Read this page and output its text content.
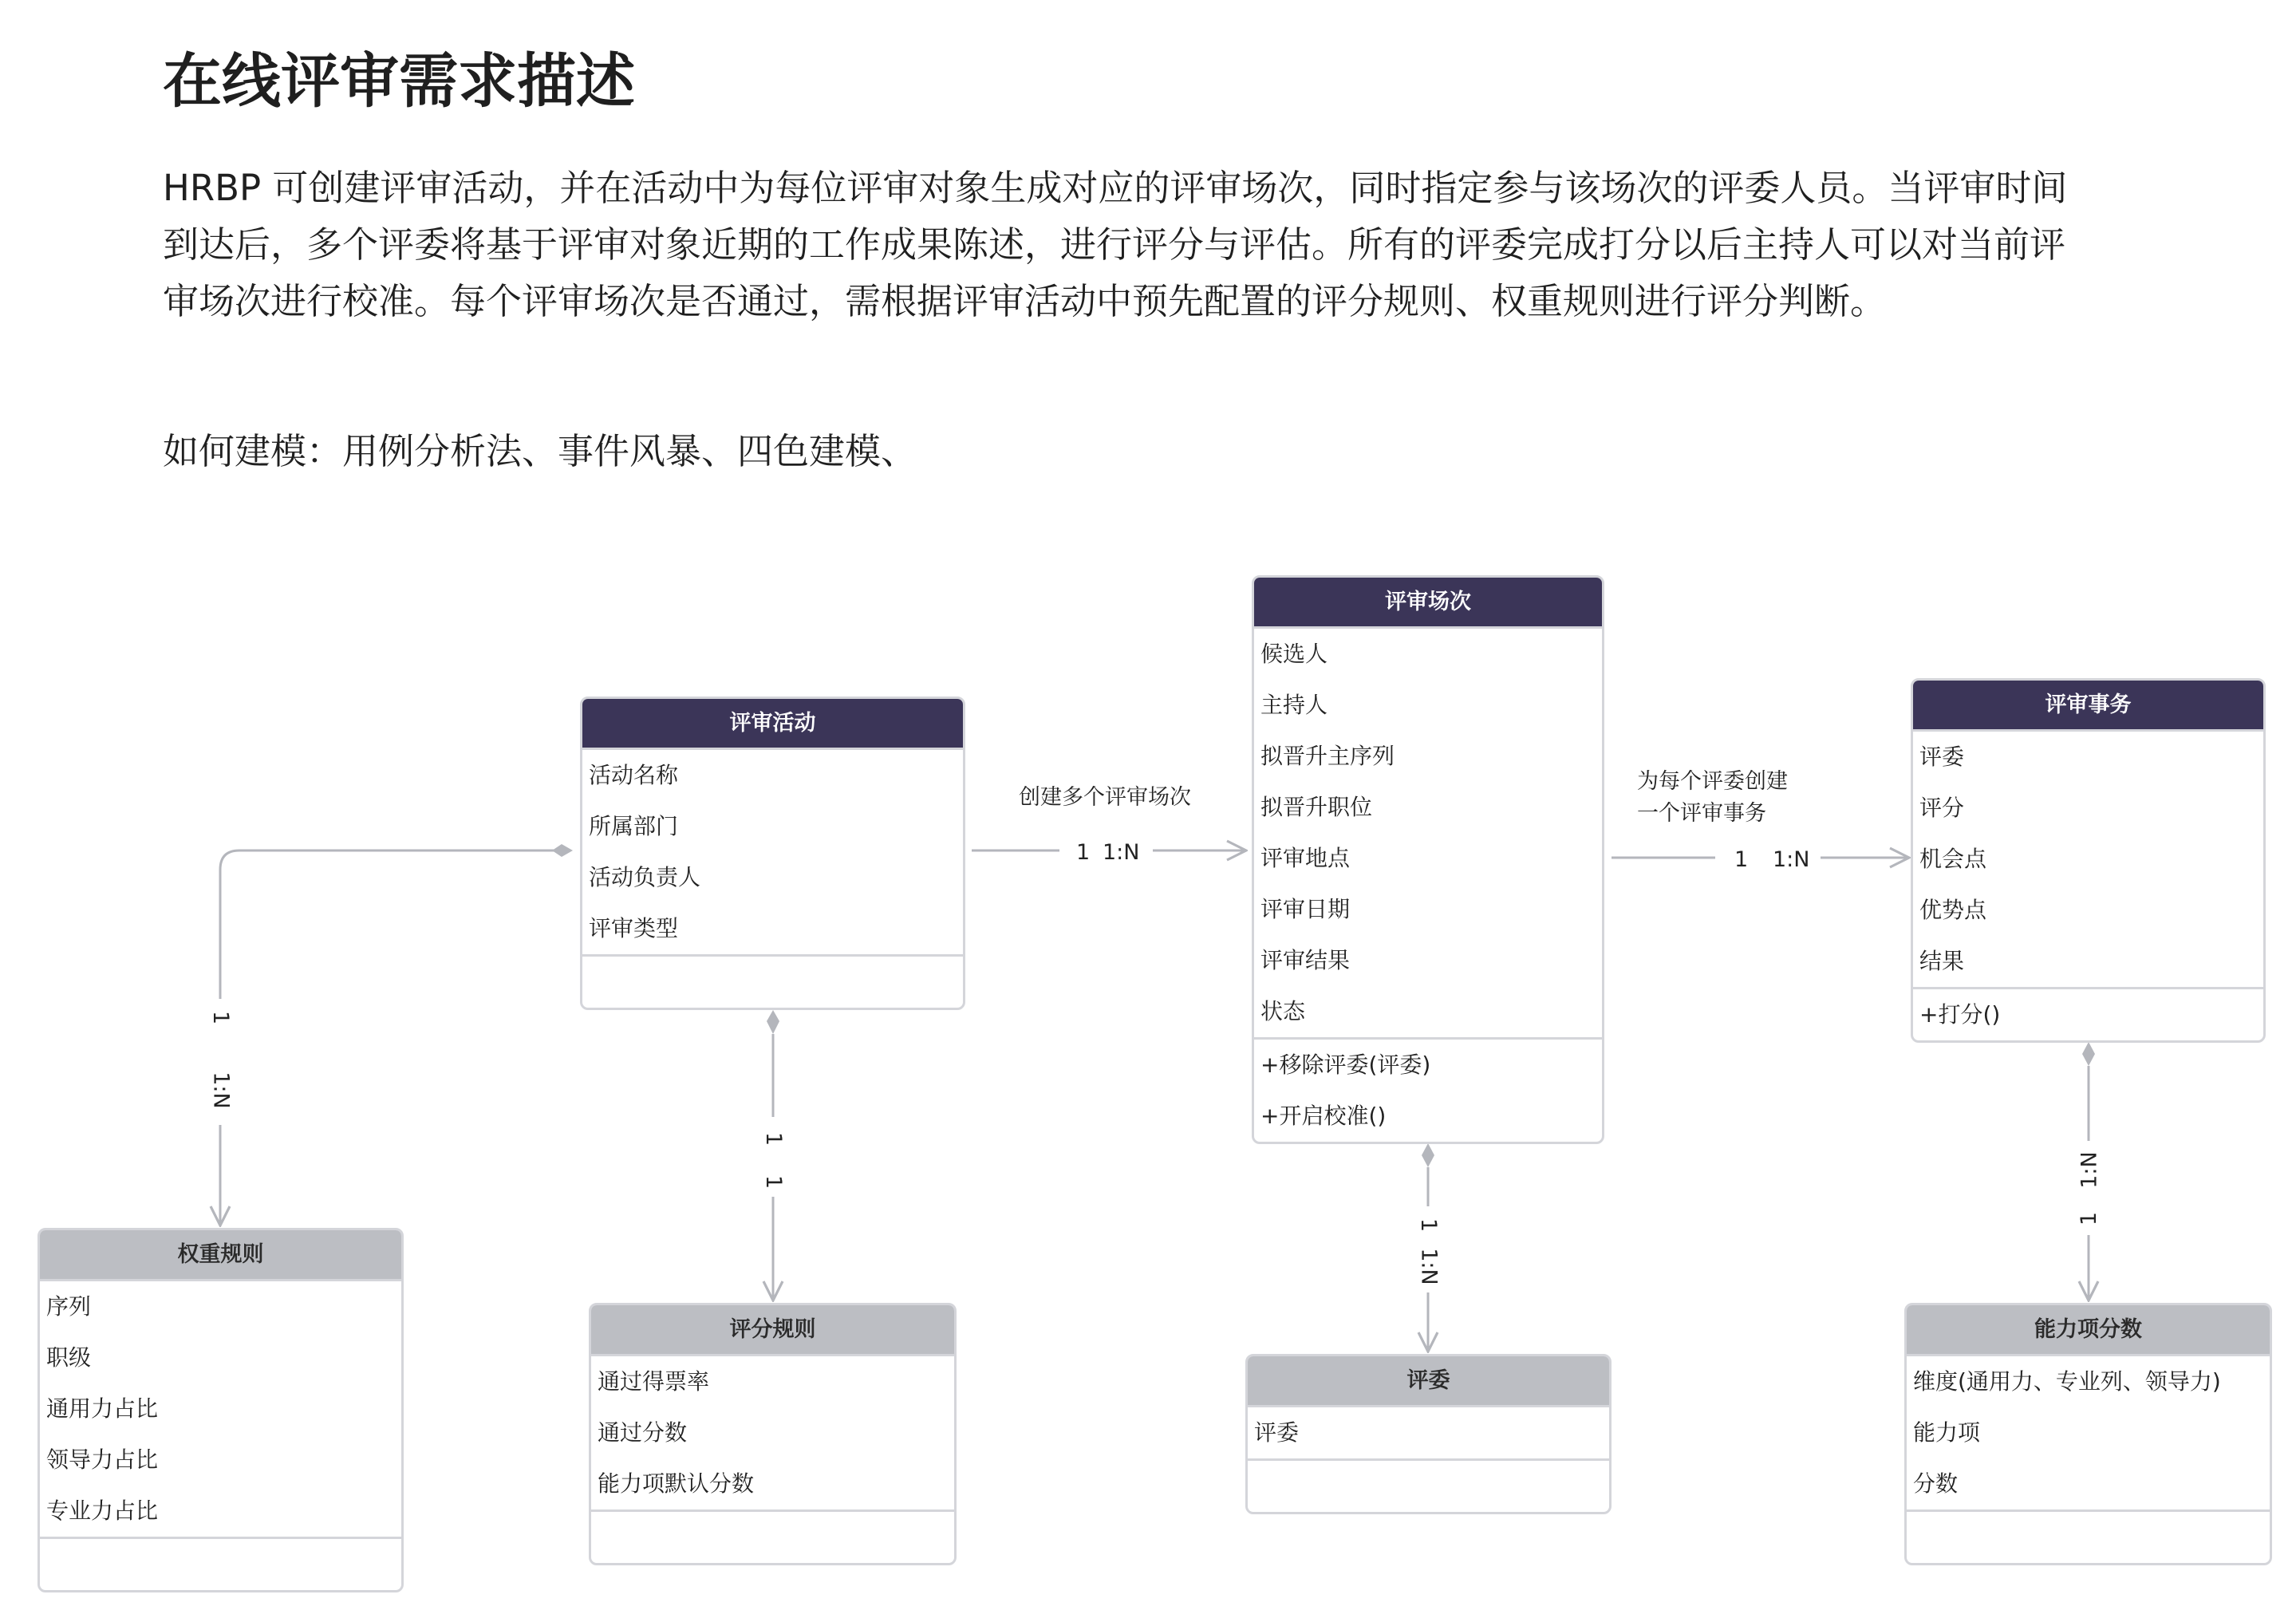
在线评审需求描述

HRBP 可创建评审活动，并在活动中为每位评审对象生成对应的评审场次，同时指定参与该场次的评委人员。当评审时间到达后，多个评委将基于评审对象近期的工作成果陈述，进行评分与评估。所有的评委完成打分以后主持人可以对当前评审场次进行校准。每个评审场次是否通过，需根据评审活动中预先配置的评分规则、权重规则进行评分判断。

如何建模：用例分析法、事件风暴、四色建模、

创建多个评审场次
1 1:N
为每个评委创建
一个评审事务
1 1:N
1
1:N
1
1
1
1:N
1:N
1
评审活动
活动名称
所属部门
活动负责人
评审类型
评审场次
候选人
主持人
拟晋升主序列
拟晋升职位
评审地点
评审日期
评审结果
状态
+移除评委(评委)
+开启校准()
评审事务
评委
评分
机会点
优势点
结果
+打分()
权重规则
序列
职级
通用力占比
领导力占比
专业力占比
评分规则
通过得票率
通过分数
能力项默认分数
评委
评委
能力项分数
维度(通用力、专业列、领导力)
能力项
分数
